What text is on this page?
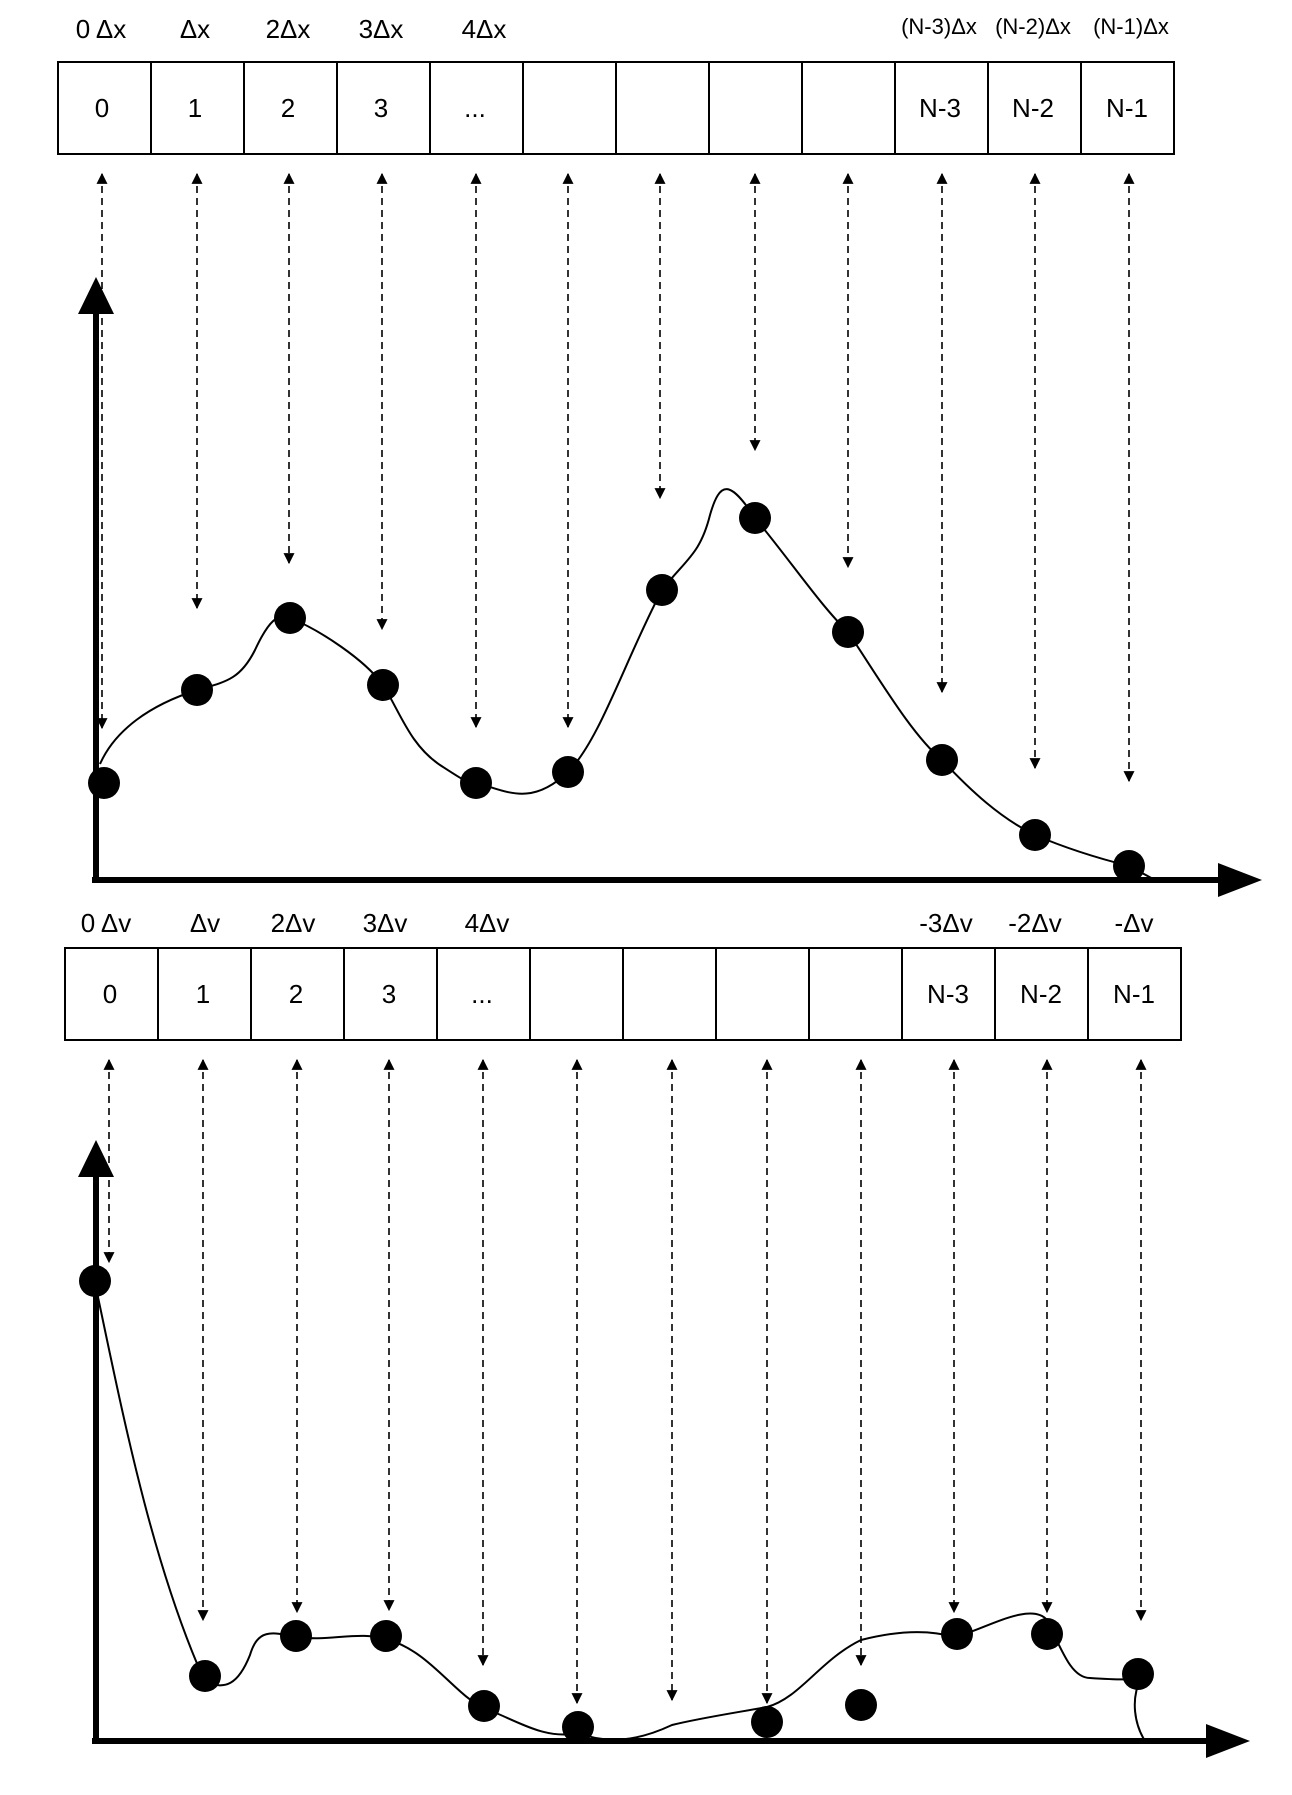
0 Δx Δx 2Δx 3Δx 4Δx	(N-3)Δx (N-2)Δx (N-1)Δx
0	1	2	3	...	N-3 N-2 N-1
0 Δv Δv 2Δv 3Δv 4Δv	-3Δv -2Δv -Δv
0	1	2	3	...	N-3 N-2 N-1
